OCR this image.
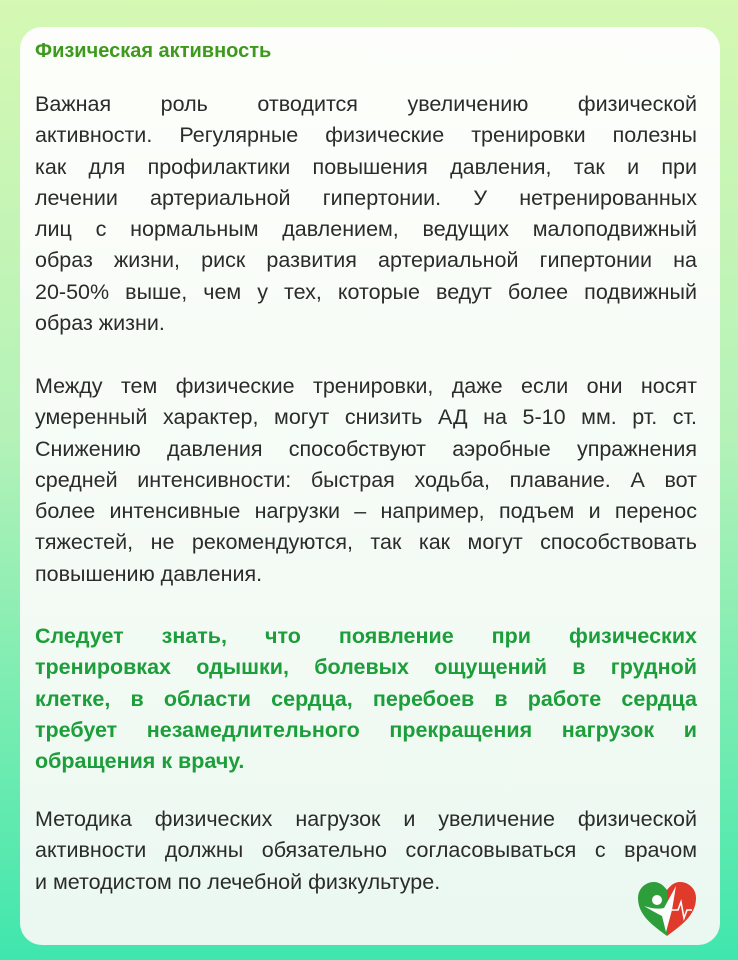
Физическая активность
Важная роль отводится увеличению физической
активности. Регулярные физические тренировки полезны
как для профилактики повышения давления, так и при
лечении артериальной гипертонии. У нетренированных
лиц с нормальным давлением, ведущих малоподвижный
образ жизни, риск развития артериальной гипертонии на
20-50% выше, чем у тех, которые ведут более подвижный
образ жизни.
Между тем физические тренировки, даже если они носят
умеренный характер, могут снизить АД на 5-10 мм. рт. ст.
Снижению давления способствуют аэробные упражнения
средней интенсивности: быстрая ходьба, плавание. А вот
более интенсивные нагрузки – например, подъем и перенос
тяжестей, не рекомендуются, так как могут способствовать
повышению давления.
Следует знать, что появление при физических
тренировках одышки, болевых ощущений в грудной
клетке, в области сердца, перебоев в работе сердца
требует незамедлительного прекращения нагрузок и
обращения к врачу.
Методика физических нагрузок и увеличение физической
активности должны обязательно согласовываться с врачом
и методистом по лечебной физкультуре.
